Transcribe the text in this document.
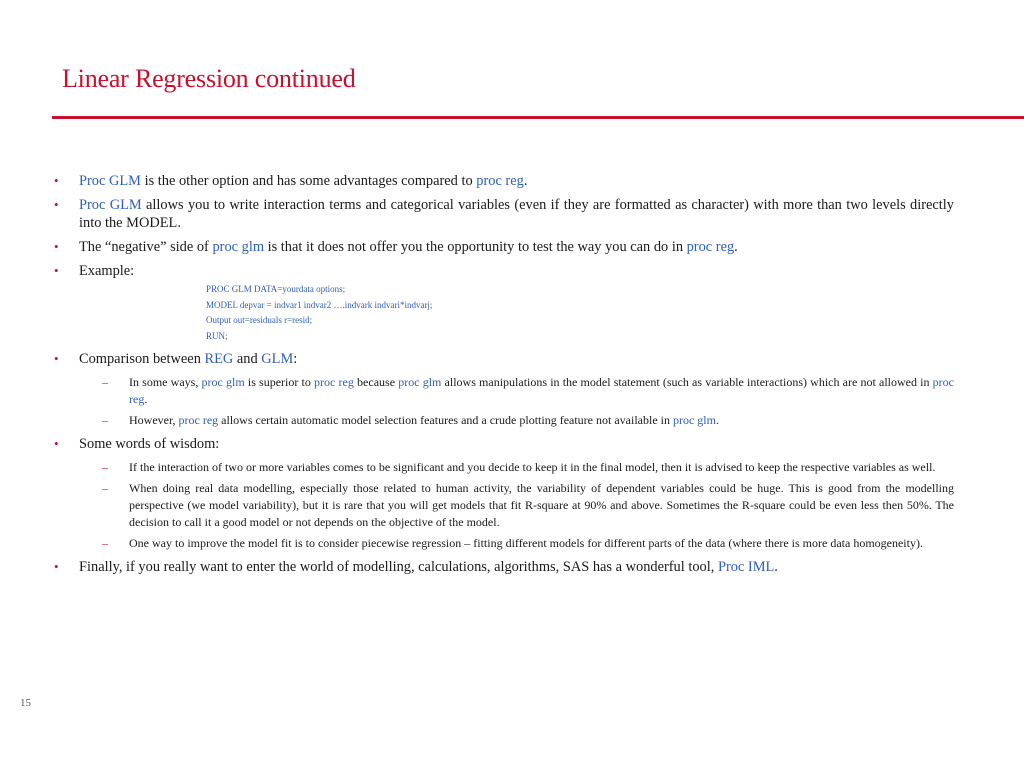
Linear Regression continued
• Proc GLM is the other option and has some advantages compared to proc reg.
• Proc GLM allows you to write interaction terms and categorical variables (even if they are formatted as character) with more than two levels directly into the MODEL.
• The “negative” side of proc glm is that it does not offer you the opportunity to test the way you can do in proc reg.
• Example:
PROC GLM DATA=yourdata options;
MODEL depvar = indvar1 indvar2 ….indvark indvari*indvarj;
Output out=residuals r=resid;
RUN;
• Comparison between REG and GLM:
– In some ways, proc glm is superior to proc reg because proc glm allows manipulations in the model statement (such as variable interactions) which are not allowed in proc reg.
– However, proc reg allows certain automatic model selection features and a crude plotting feature not available in proc glm.
• Some words of wisdom:
– If the interaction of two or more variables comes to be significant and you decide to keep it in the final model, then it is advised to keep the respective variables as well.
– When doing real data modelling, especially those related to human activity, the variability of dependent variables could be huge. This is good from the modelling perspective (we model variability), but it is rare that you will get models that fit R-square at 90% and above. Sometimes the R-square could be even less then 50%. The decision to call it a good model or not depends on the objective of the model.
– One way to improve the model fit is to consider piecewise regression – fitting different models for different parts of the data (where there is more data homogeneity).
• Finally, if you really want to enter the world of modelling, calculations, algorithms, SAS has a wonderful tool, Proc IML.
15
